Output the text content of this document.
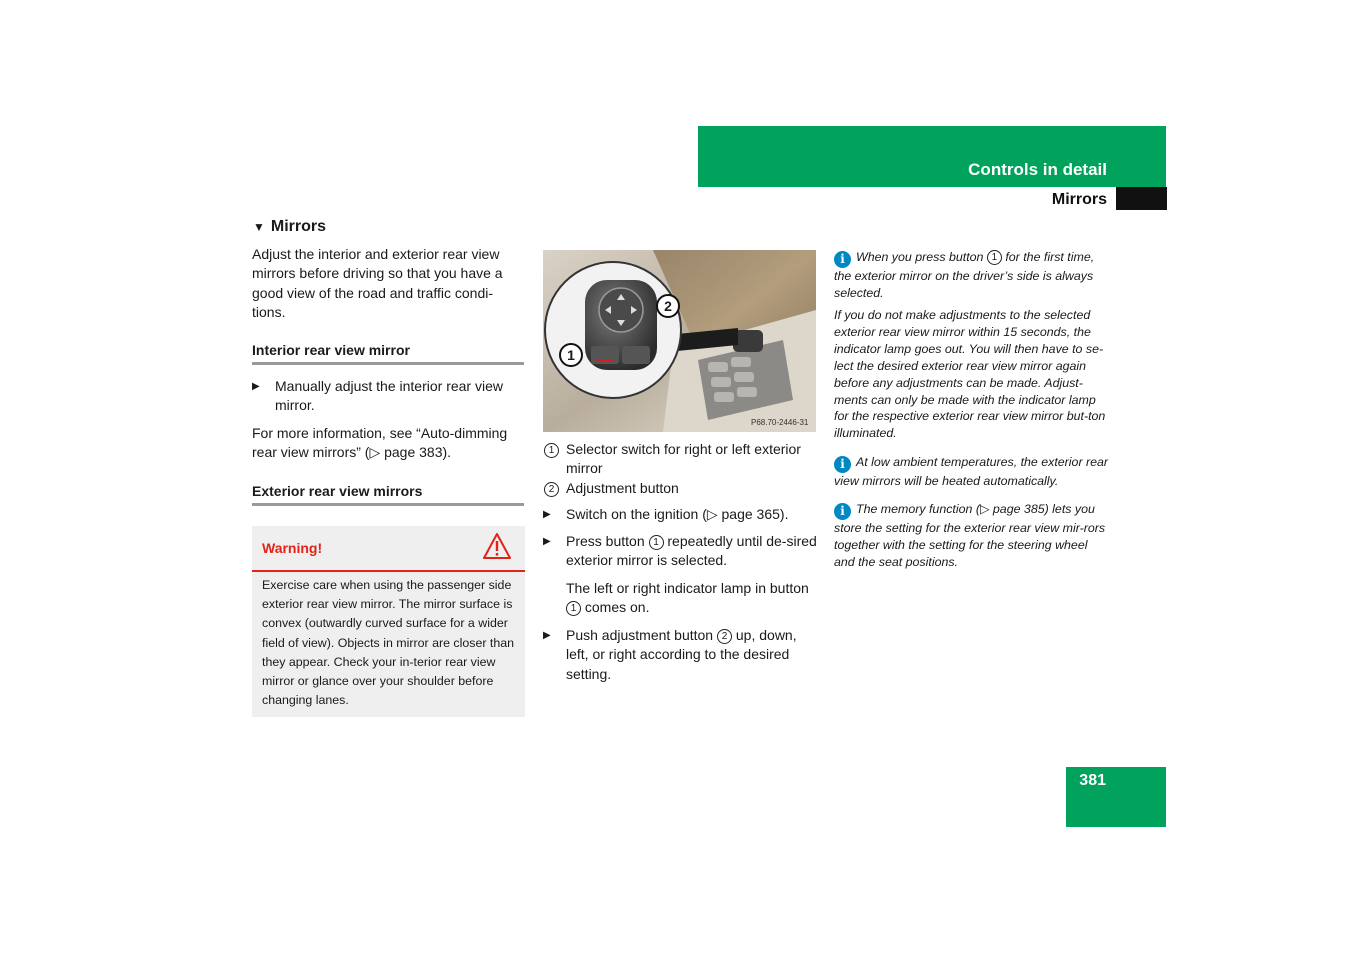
Controls in detail
Mirrors
▼ Mirrors
Adjust the interior and exterior rear view mirrors before driving so that you have a good view of the road and traffic condi-tions.
Interior rear view mirror
▶ Manually adjust the interior rear view mirror.
For more information, see “Auto-dimming rear view mirrors” (▷ page 383).
Exterior rear view mirrors
Warning!
Exercise care when using the passenger side exterior rear view mirror. The mirror surface is convex (outwardly curved surface for a wider field of view). Objects in mirror are closer than they appear. Check your in-terior rear view mirror or glance over your shoulder before changing lanes.
2
1
P68.70-2446-31
1 Selector switch for right or left exterior mirror
2 Adjustment button
▶ Switch on the ignition (▷ page 365).
▶ Press button 1 repeatedly until de-sired exterior mirror is selected.
The left or right indicator lamp in button 1 comes on.
▶ Push adjustment button 2 up, down, left, or right according to the desired setting.
i When you press button 1 for the first time, the exterior mirror on the driver’s side is always selected.
If you do not make adjustments to the selected exterior rear view mirror within 15 seconds, the indicator lamp goes out. You will then have to se-lect the desired exterior rear view mirror again before any adjustments can be made. Adjust-ments can only be made with the indicator lamp for the respective exterior rear view mirror but-ton illuminated.
i At low ambient temperatures, the exterior rear view mirrors will be heated automatically.
i The memory function (▷ page 385) lets you store the setting for the exterior rear view mir-rors together with the setting for the steering wheel and the seat positions.
381
